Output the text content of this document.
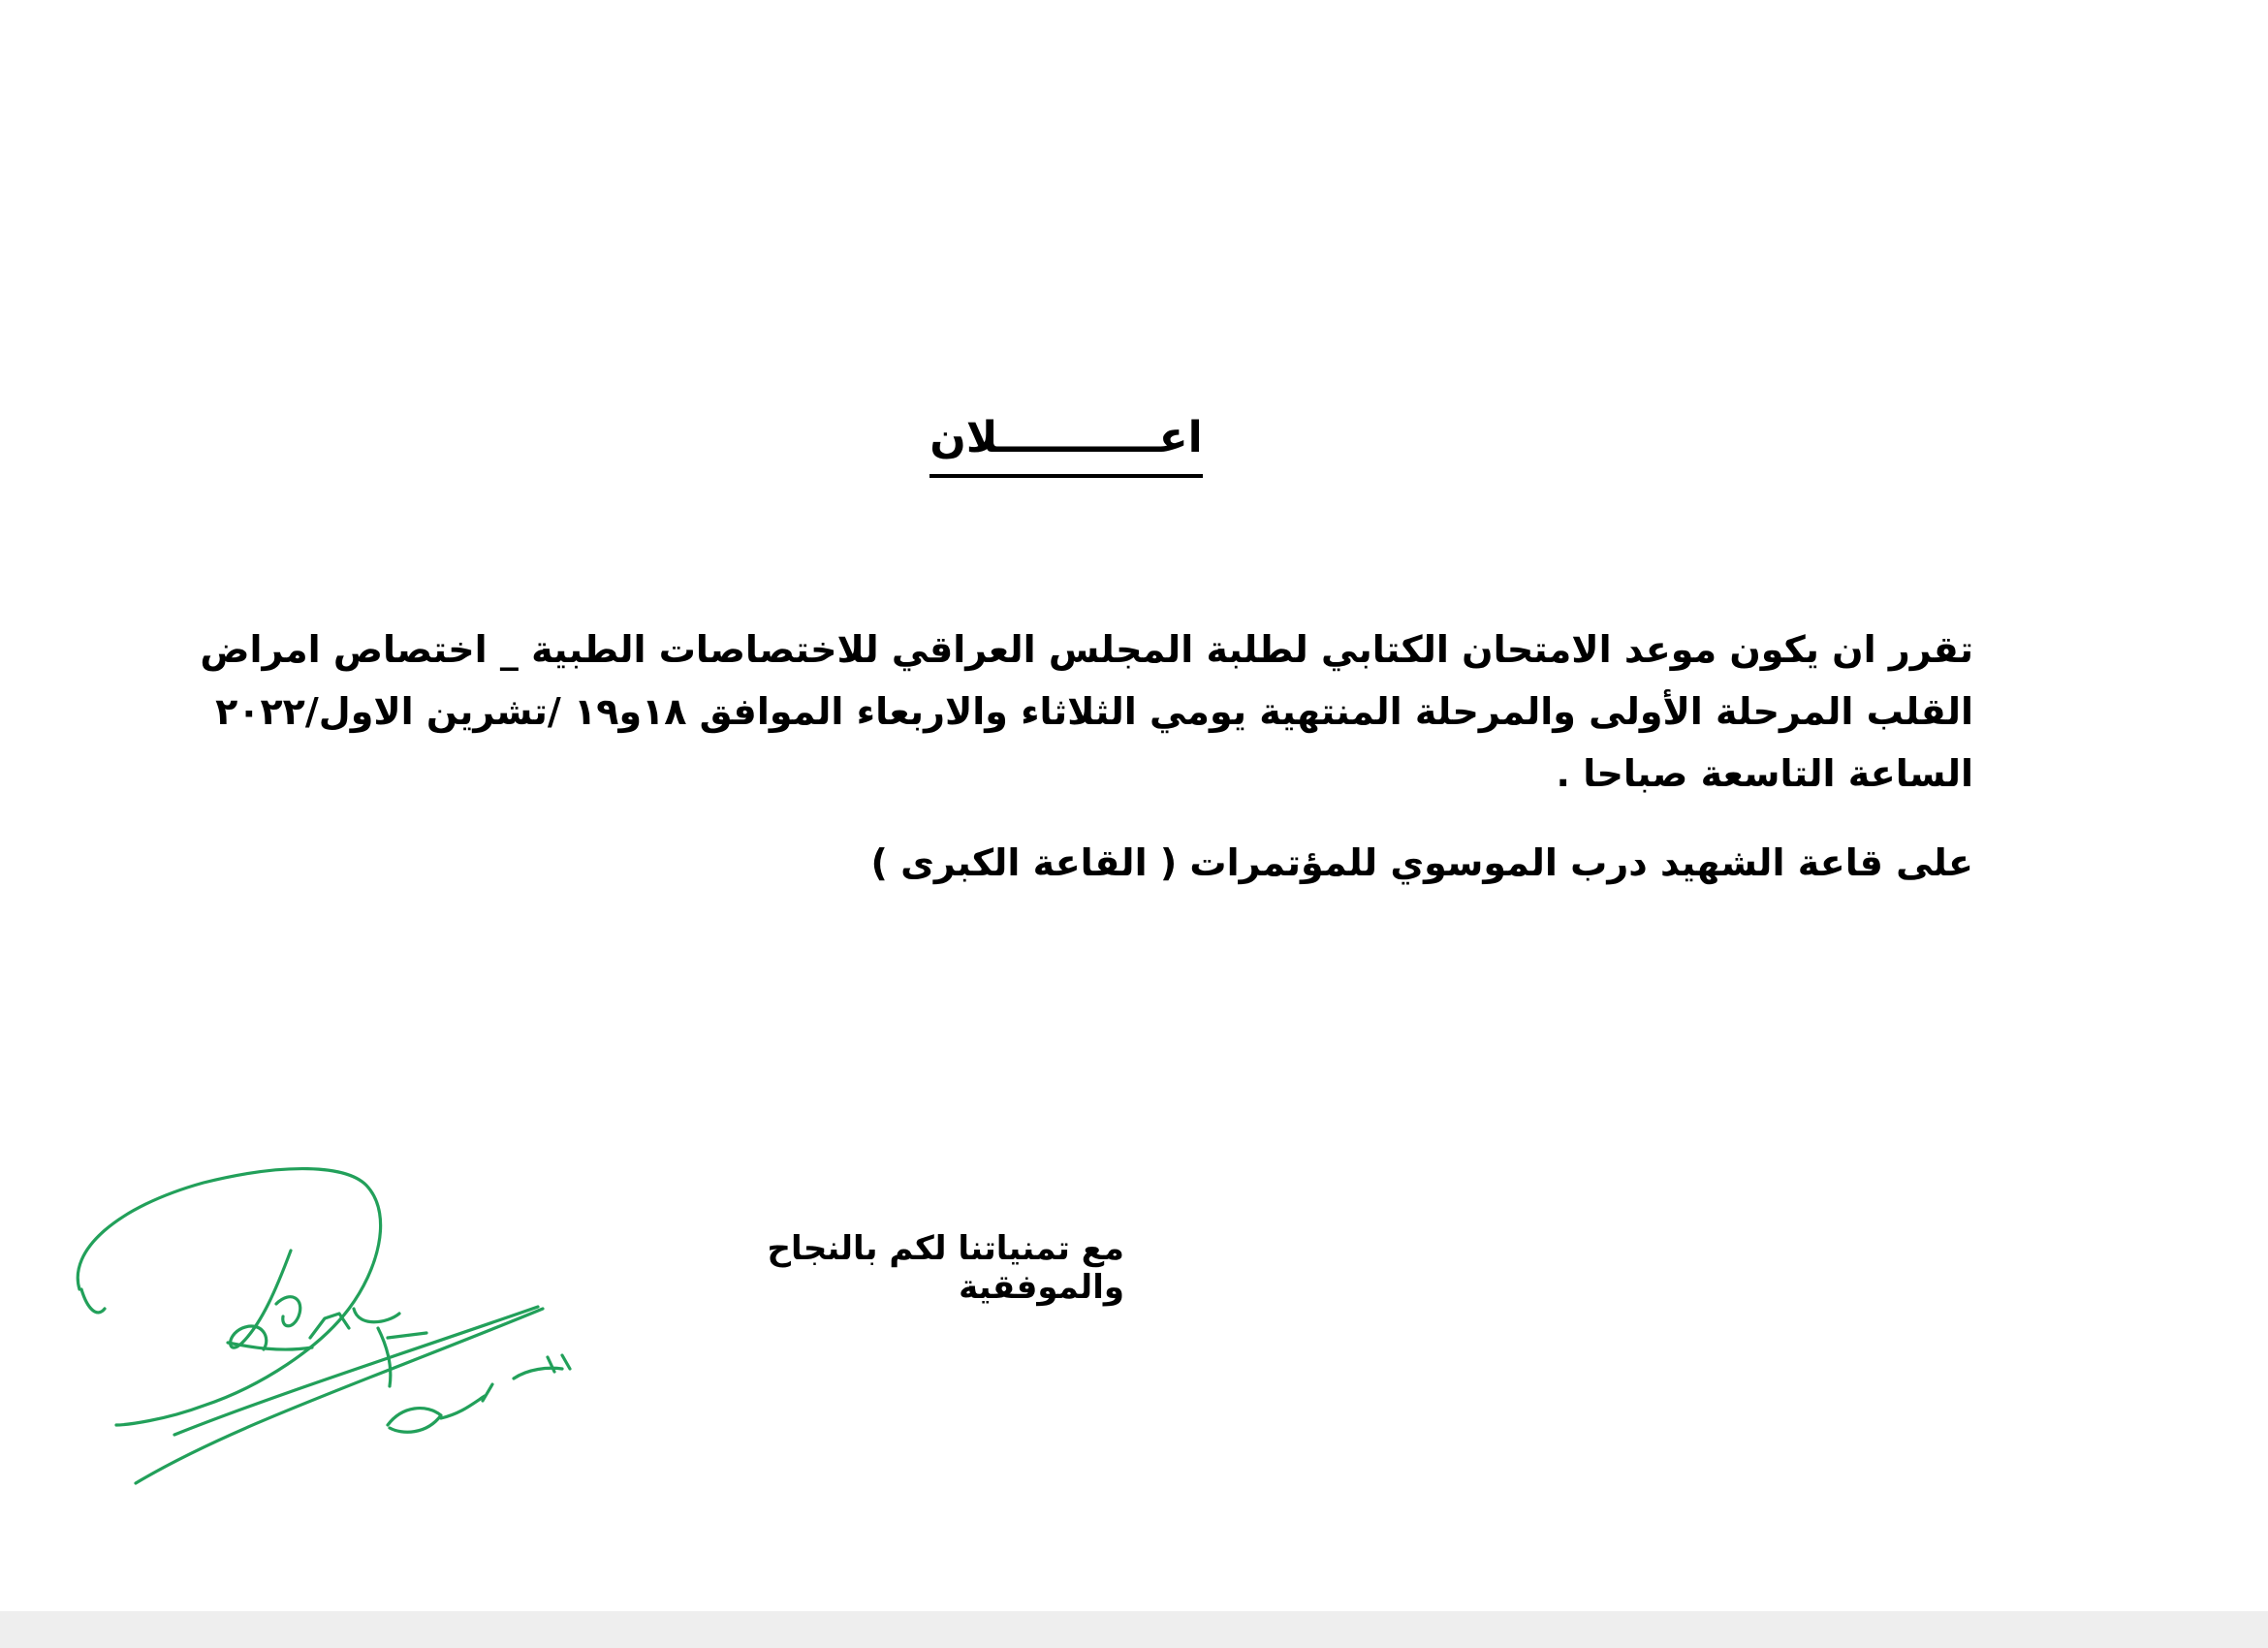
اعـــــــــــلان
تقرر ان يكون موعد الامتحان الكتابي لطلبة المجلس العراقي للاختصاصات الطبية _ اختصاص امراض
القلب المرحلة الأولى والمرحلة المنتهية يومي الثلاثاء والاربعاء الموافق ١٨و١٩ /تشرين الاول/٢٠٢٢
الساعة التاسعة صباحا .
على قاعة الشهيد درب الموسوي للمؤتمرات ( القاعة الكبرى )
مع تمنياتنا لكم بالنجاح والموفقية
